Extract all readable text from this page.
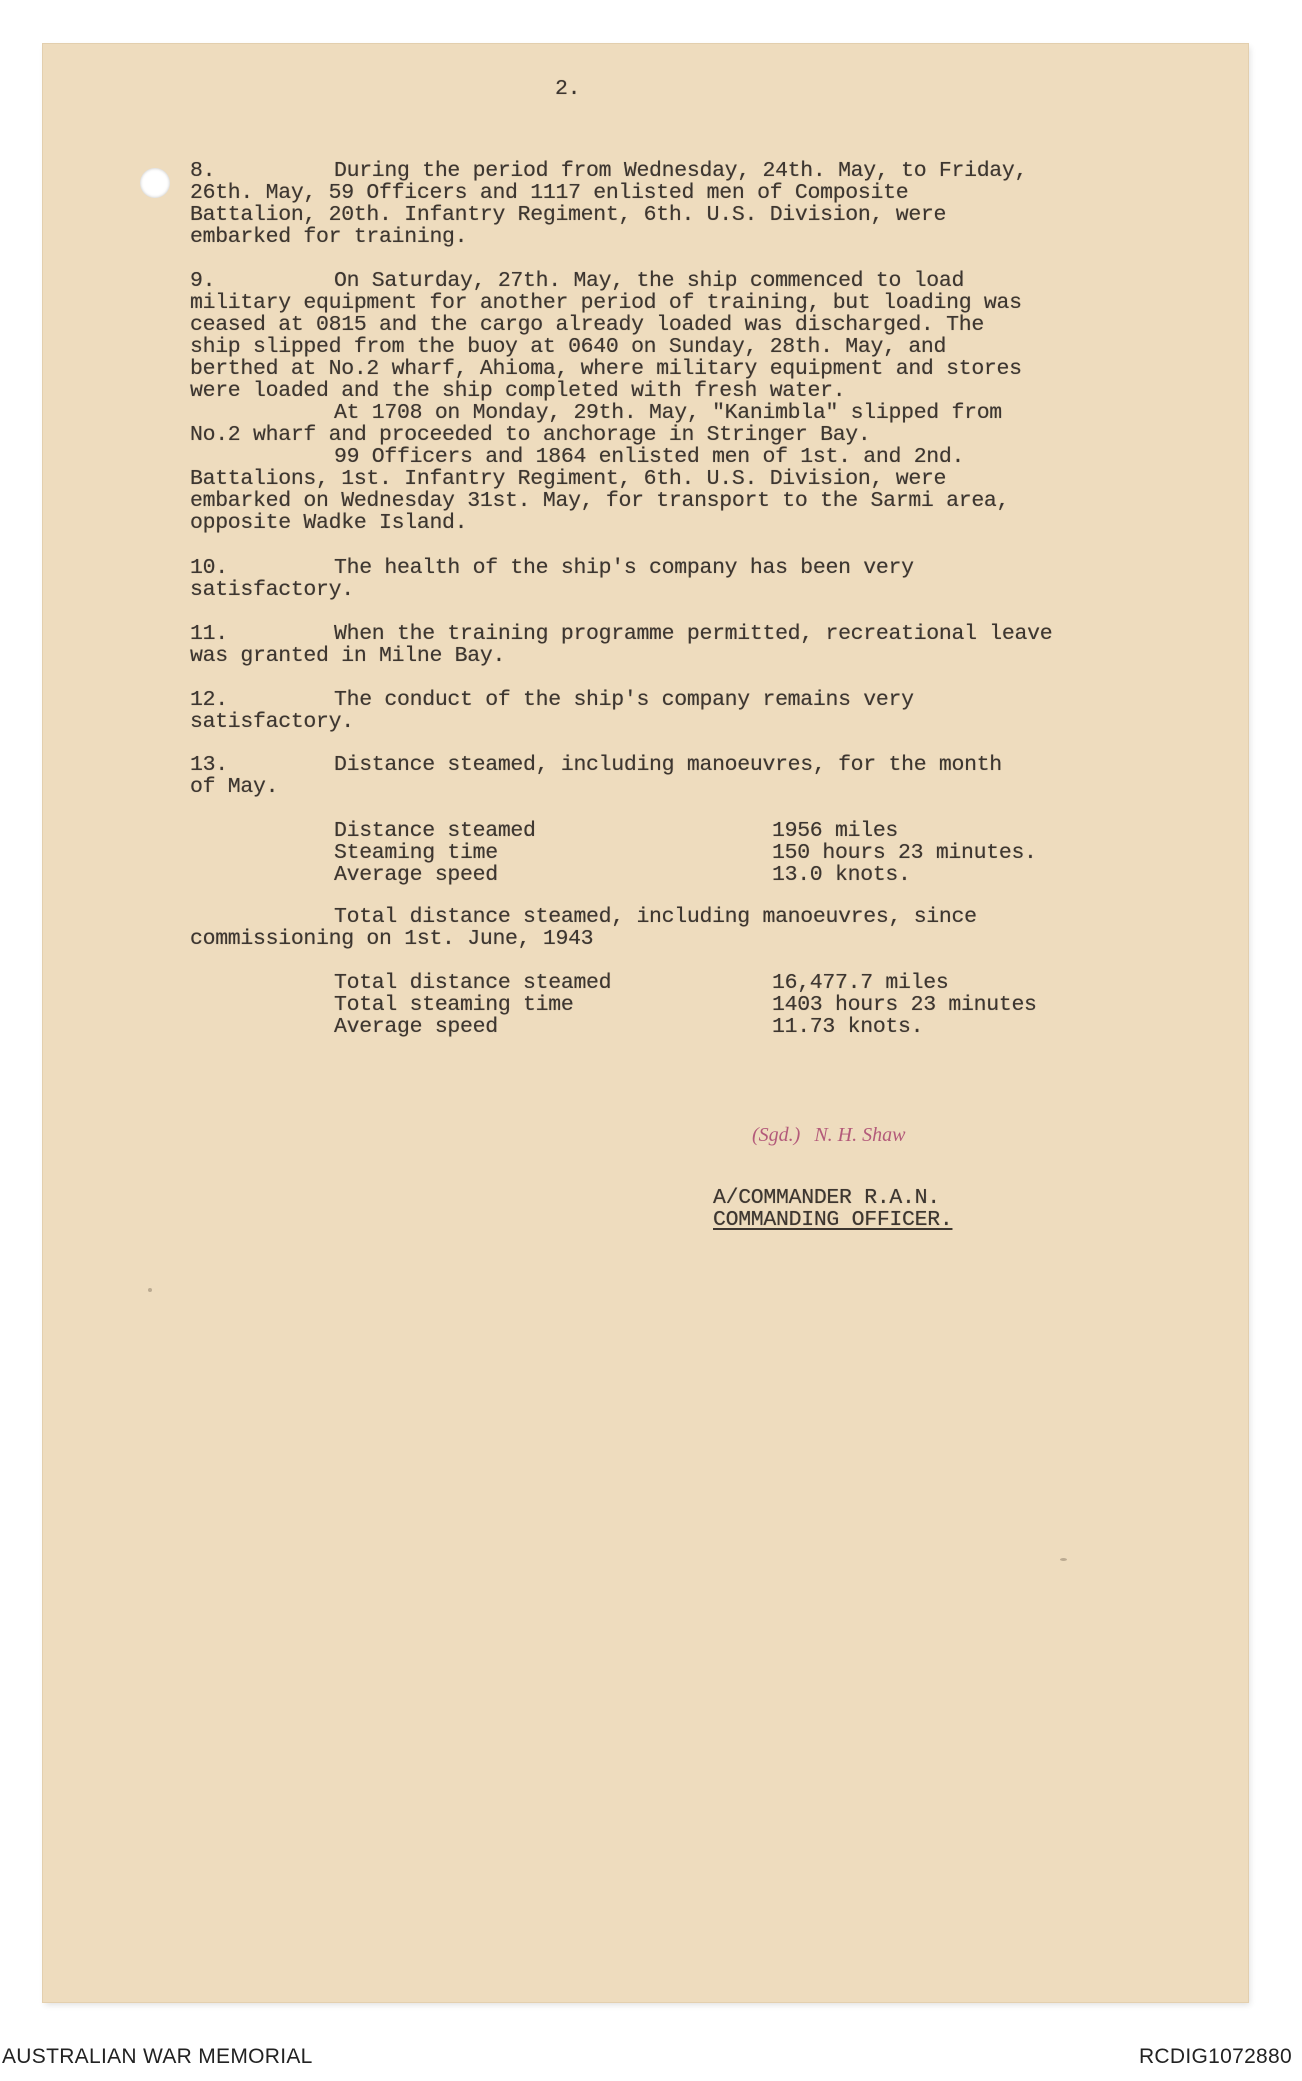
2.
8.	During the period from Wednesday, 24th. May, to Friday,
26th. May, 59 Officers and 1117 enlisted men of Composite
Battalion, 20th. Infantry Regiment, 6th. U.S. Division, were
embarked for training.
9.	On Saturday, 27th. May, the ship commenced to load
military equipment for another period of training, but loading was
ceased at 0815 and the cargo already loaded was discharged. The
ship slipped from the buoy at 0640 on Sunday, 28th. May, and
berthed at No.2 wharf, Ahioma, where military equipment and stores
were loaded and the ship completed with fresh water.
At 1708 on Monday, 29th. May, "Kanimbla" slipped from
No.2 wharf and proceeded to anchorage in Stringer Bay.
99 Officers and 1864 enlisted men of 1st. and 2nd.
Battalions, 1st. Infantry Regiment, 6th. U.S. Division, were
embarked on Wednesday 31st. May, for transport to the Sarmi area,
opposite Wadke Island.
10.	The health of the ship's company has been very
satisfactory.
11.	When the training programme permitted, recreational leave
was granted in Milne Bay.
12.	The conduct of the ship's company remains very
satisfactory.
13.	Distance steamed, including manoeuvres, for the month
of May.
Distance steamed	1956 miles
Steaming time	150 hours 23 minutes.
Average speed	13.0 knots.
Total distance steamed, including manoeuvres, since
commissioning on 1st. June, 1943
Total distance steamed	16,477.7 miles
Total steaming time	1403 hours 23 minutes
Average speed	11.73 knots.
(Sgd.) N. H. Shaw
A/COMMANDER R.A.N.
COMMANDING OFFICER.
AUSTRALIAN WAR MEMORIAL	RCDIG1072880
